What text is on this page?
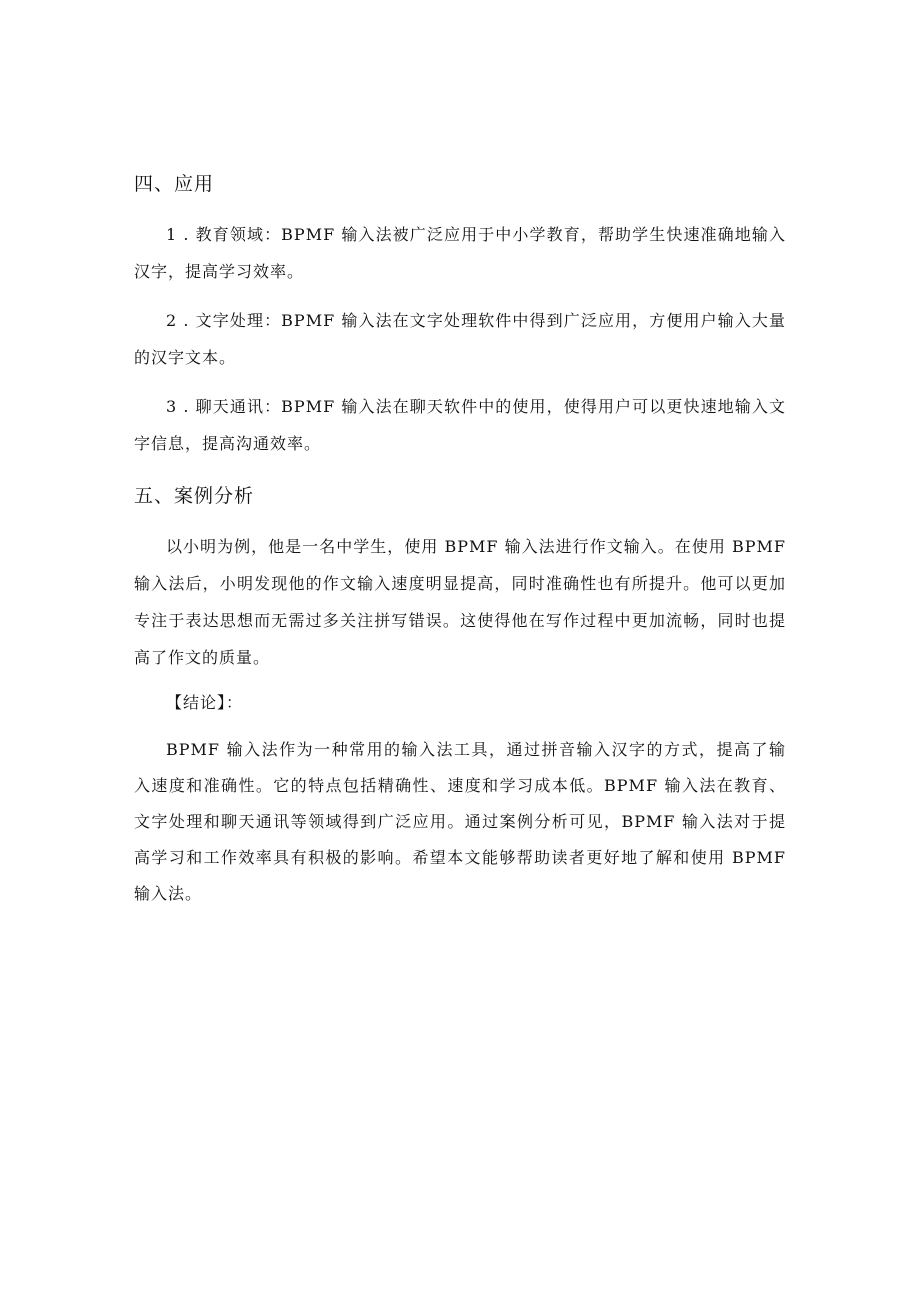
四、应用

1 . 教育领域：BPMF 输入法被广泛应用于中小学教育，帮助学生快速准确地输入汉字，提高学习效率。

2 . 文字处理：BPMF 输入法在文字处理软件中得到广泛应用，方便用户输入大量的汉字文本。

3 . 聊天通讯：BPMF 输入法在聊天软件中的使用，使得用户可以更快速地输入文字信息，提高沟通效率。

五、案例分析

以小明为例，他是一名中学生，使用 BPMF 输入法进行作文输入。在使用 BPMF 输入法后，小明发现他的作文输入速度明显提高，同时准确性也有所提升。他可以更加专注于表达思想而无需过多关注拼写错误。这使得他在写作过程中更加流畅，同时也提高了作文的质量。

【结论】：

BPMF 输入法作为一种常用的输入法工具，通过拼音输入汉字的方式，提高了输入速度和准确性。它的特点包括精确性、速度和学习成本低。BPMF 输入法在教育、文字处理和聊天通讯等领域得到广泛应用。通过案例分析可见，BPMF 输入法对于提高学习和工作效率具有积极的影响。希望本文能够帮助读者更好地了解和使用 BPMF 输入法。
